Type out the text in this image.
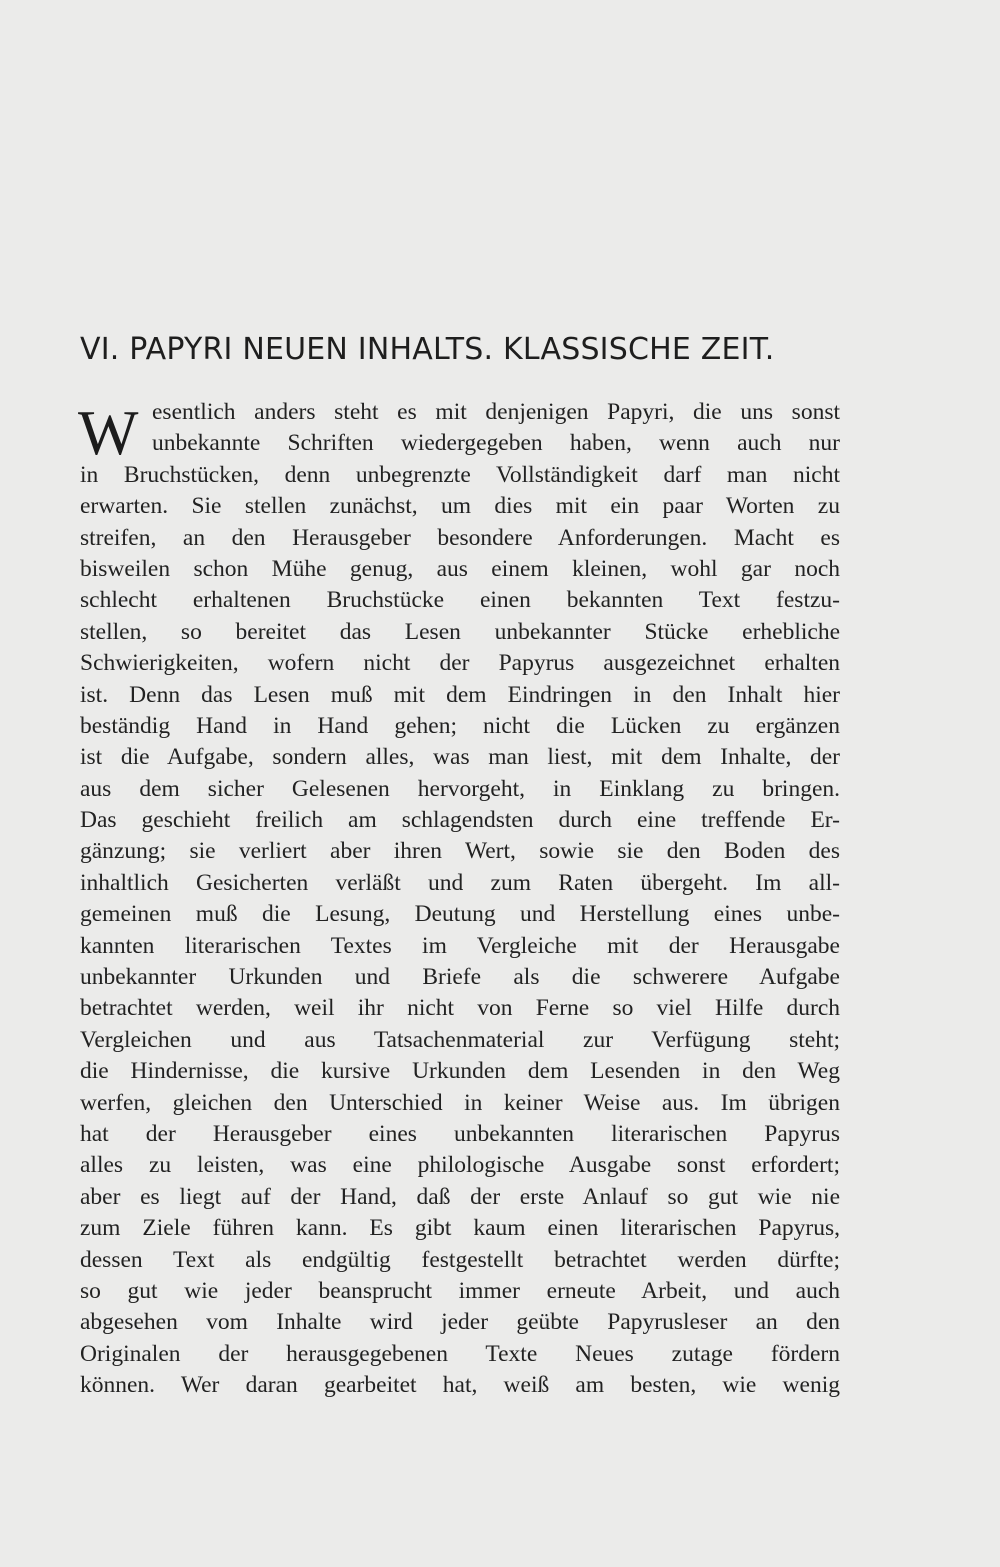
VI. PAPYRI NEUEN INHALTS. KLASSISCHE ZEIT.
W esentlich anders steht es mit denjenigen Papyri, die uns sonst
unbekannte Schriften wiedergegeben haben, wenn auch nur
in Bruchstücken, denn unbegrenzte Vollständigkeit darf man nicht
erwarten. Sie stellen zunächst, um dies mit ein paar Worten zu
streifen, an den Herausgeber besondere Anforderungen. Macht es
bisweilen schon Mühe genug, aus einem kleinen, wohl gar noch
schlecht erhaltenen Bruchstücke einen bekannten Text festzu-
stellen, so bereitet das Lesen unbekannter Stücke erhebliche
Schwierigkeiten, wofern nicht der Papyrus ausgezeichnet erhalten
ist. Denn das Lesen muß mit dem Eindringen in den Inhalt hier
beständig Hand in Hand gehen; nicht die Lücken zu ergänzen
ist die Aufgabe, sondern alles, was man liest, mit dem Inhalte, der
aus dem sicher Gelesenen hervorgeht, in Einklang zu bringen.
Das geschieht freilich am schlagendsten durch eine treffende Er-
gänzung; sie verliert aber ihren Wert, sowie sie den Boden des
inhaltlich Gesicherten verläßt und zum Raten übergeht. Im all-
gemeinen muß die Lesung, Deutung und Herstellung eines unbe-
kannten literarischen Textes im Vergleiche mit der Herausgabe
unbekannter Urkunden und Briefe als die schwerere Aufgabe
betrachtet werden, weil ihr nicht von Ferne so viel Hilfe durch
Vergleichen und aus Tatsachenmaterial zur Verfügung steht;
die Hindernisse, die kursive Urkunden dem Lesenden in den Weg
werfen, gleichen den Unterschied in keiner Weise aus. Im übrigen
hat der Herausgeber eines unbekannten literarischen Papyrus
alles zu leisten, was eine philologische Ausgabe sonst erfordert;
aber es liegt auf der Hand, daß der erste Anlauf so gut wie nie
zum Ziele führen kann. Es gibt kaum einen literarischen Papyrus,
dessen Text als endgültig festgestellt betrachtet werden dürfte;
so gut wie jeder beansprucht immer erneute Arbeit, und auch
abgesehen vom Inhalte wird jeder geübte Papyrusleser an den
Originalen der herausgegebenen Texte Neues zutage fördern
können. Wer daran gearbeitet hat, weiß am besten, wie wenig
